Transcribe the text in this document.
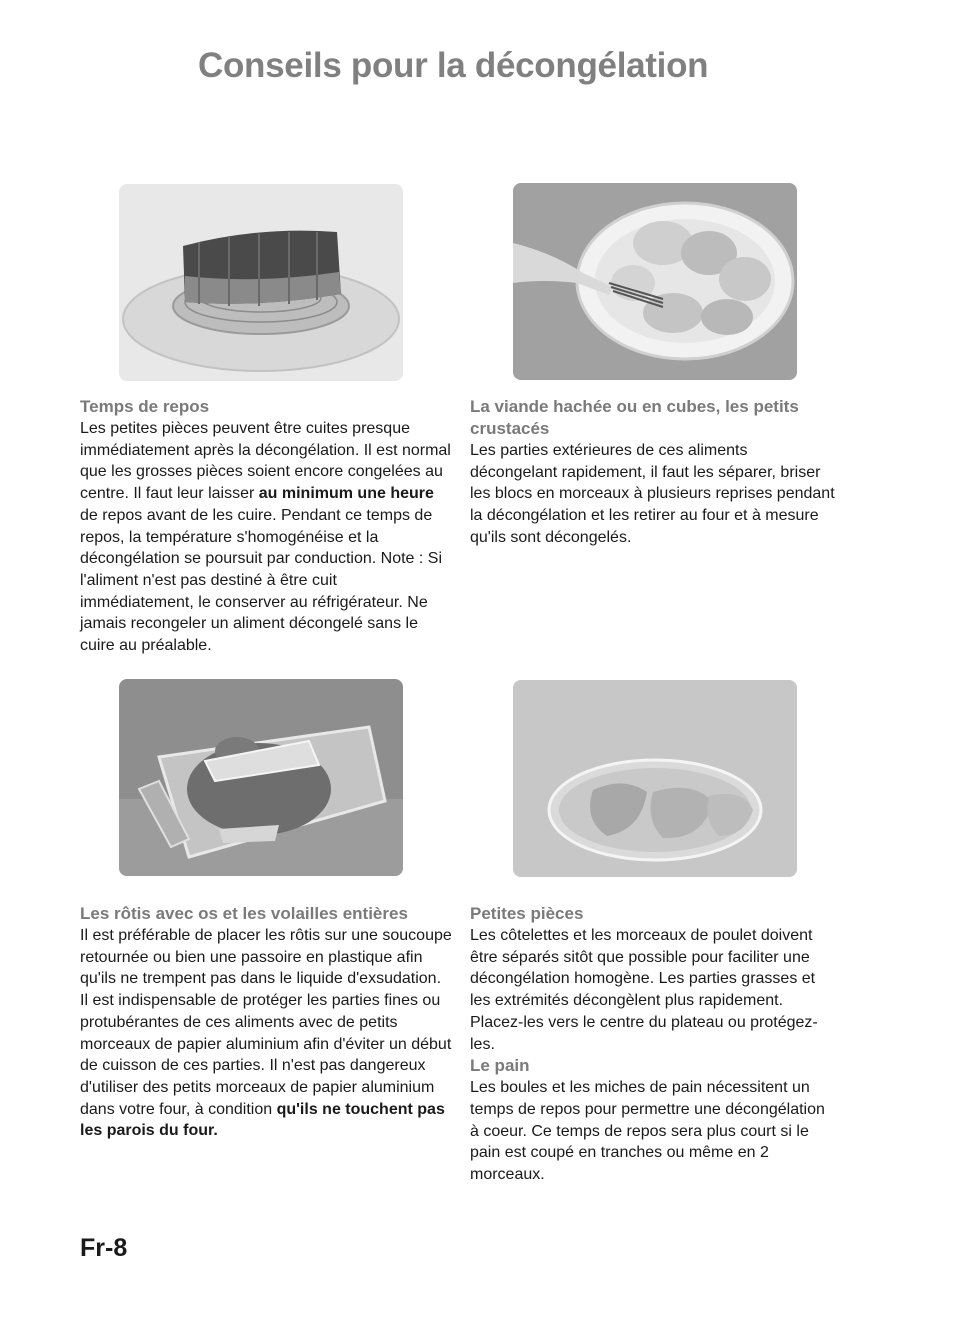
Conseils pour la décongélation
Temps de repos

Les petites pièces peuvent être cuites presque immédiatement après la décongélation. Il est normal que les grosses pièces soient encore congelées au centre. Il faut leur laisser au minimum une heure de repos avant de les cuire. Pendant ce temps de repos, la température s'homogénéise et la décongélation se poursuit par conduction. Note : Si l'aliment n'est pas destiné à être cuit immédiatement, le conserver au réfrigérateur. Ne jamais recongeler un aliment décongelé sans le cuire au préalable.

La viande hachée ou en cubes, les petits crustacés

Les parties extérieures de ces aliments décongelant rapidement, il faut les séparer, briser les blocs en morceaux à plusieurs reprises pendant la décongélation et les retirer au four et à mesure qu'ils sont décongelés.

Les rôtis avec os et les volailles entières

Il est préférable de placer les rôtis sur une soucoupe retournée ou bien une passoire en plastique afin qu'ils ne trempent pas dans le liquide d'exsudation. Il est indispensable de protéger les parties fines ou protubérantes de ces aliments avec de petits morceaux de papier aluminium afin d'éviter un début de cuisson de ces parties. Il n'est pas dangereux d'utiliser des petits morceaux de papier aluminium dans votre four, à condition qu'ils ne touchent pas les parois du four.

Petites pièces

Les côtelettes et les morceaux de poulet doivent être séparés sitôt que possible pour faciliter une décongélation homogène. Les parties grasses et les extrémités décongèlent plus rapidement. Placez-les vers le centre du plateau ou protégez-les.

Le pain

Les boules et les miches de pain nécessitent un temps de repos pour permettre une décongélation à coeur. Ce temps de repos sera plus court si le pain est coupé en tranches ou même en 2 morceaux.

Fr-8
